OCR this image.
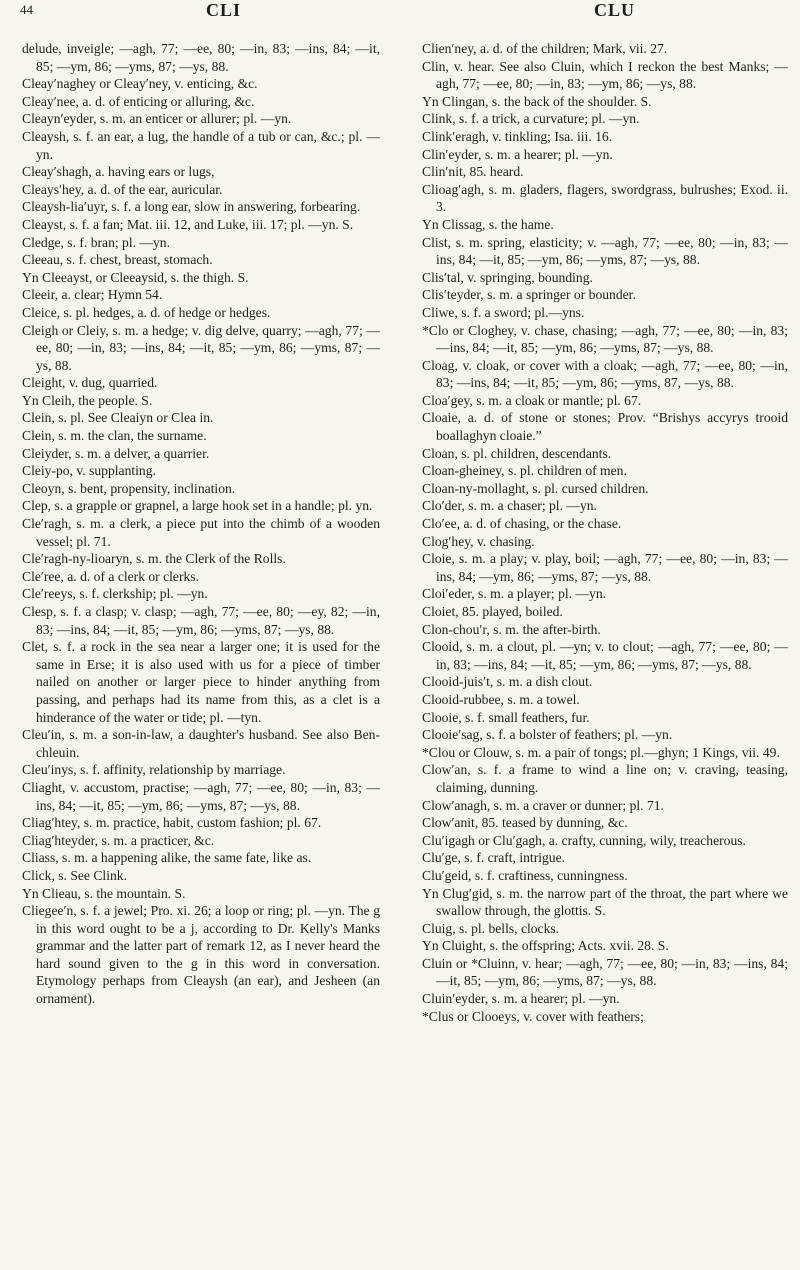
44	CLI	CLU

delude, inveigle; —agh, 77; —ee, 80; —in, 83; —ins, 84; —it, 85; —ym, 86; —yms, 87; —ys, 88.

Cleay′naghey or Cleay′ney, v. enticing, &c.

Cleay′nee, a. d. of enticing or alluring, &c.

Cleayn′eyder, s. m. an enticer or allurer; pl. —yn.

Cleaysh, s. f. an ear, a lug, the handle of a tub or can, &c.; pl. —yn.

Cleay′shagh, a. having ears or lugs,

Cleays′hey, a. d. of the ear, auricular.

Cleaysh-lia′uyr, s. f. a long ear, slow in answering, forbearing.

Cleayst, s. f. a fan; Mat. iii. 12, and Luke, iii. 17; pl. —yn. S.

Cledge, s. f. bran; pl. —yn.

Cleeau, s. f. chest, breast, stomach.

Yn Cleeayst, or Cleeaysid, s. the thigh. S.

Cleeir, a. clear; Hymn 54.

Cleice, s. pl. hedges, a. d. of hedge or hedges.

Cleigh or Cleiy, s. m. a hedge; v. dig delve, quarry; —agh, 77; —ee, 80; —in, 83; —ins, 84; —it, 85; —ym, 86; —yms, 87; —ys, 88.

Cleight, v. dug, quarried.

Yn Cleih, the people. S.

Clein, s. pl. See Cleaiyn or Clea in.

Clein, s. m. the clan, the surname.

Cleiyder, s. m. a delver, a quarrier.

Cleiy-po, v. supplanting.

Cleoyn, s. bent, propensity, inclination.

Clep, s. a grapple or grapnel, a large hook set in a handle; pl. yn.

Cle′ragh, s. m. a clerk, a piece put into the chimb of a wooden vessel; pl. 71.

Cle′ragh-ny-lioaryn, s. m. the Clerk of the Rolls.

Cle′ree, a. d. of a clerk or clerks.

Cle′reeys, s. f. clerkship; pl. —yn.

Clesp, s. f. a clasp; v. clasp; —agh, 77; —ee, 80; —ey, 82; —in, 83; —ins, 84; —it, 85; —ym, 86; —yms, 87; —ys, 88.

Clet, s. f. a rock in the sea near a larger one; it is used for the same in Erse; it is also used with us for a piece of timber nailed on another or larger piece to hinder anything from passing, and perhaps had its name from this, as a clet is a hinderance of the water or tide; pl. —tyn.

Cleu′in, s. m. a son-in-law, a daughter's husband. See also Ben-chleuin.

Cleu′inys, s. f. affinity, relationship by marriage.

Cliaght, v. accustom, practise; —agh, 77; —ee, 80; —in, 83; —ins, 84; —it, 85; —ym, 86; —yms, 87; —ys, 88.

Cliag′htey, s. m. practice, habit, custom fashion; pl. 67.

Cliag′hteyder, s. m. a practicer, &c.

Cliass, s. m. a happening alike, the same fate, like as.

Click, s. See Clink.

Yn Clieau, s. the mountain. S.

Cliegee′n, s. f. a jewel; Pro. xi. 26; a loop or ring; pl. —yn. The g in this word ought to be a j, according to Dr. Kelly's Manks grammar and the latter part of remark 12, as I never heard the hard sound given to the g in this word in conversation. Etymology perhaps from Cleaysh (an ear), and Jesheen (an ornament).

Clien′ney, a. d. of the children; Mark, vii. 27.

Clin, v. hear. See also Cluin, which I reckon the best Manks; —agh, 77; —ee, 80; —in, 83; —ym, 86; —ys, 88.

Yn Clingan, s. the back of the shoulder. S.

Clink, s. f. a trick, a curvature; pl. —yn.

Clink′eragh, v. tinkling; Isa. iii. 16.

Clin′eyder, s. m. a hearer; pl. —yn.

Clin′nit, 85. heard.

Clioag′agh, s. m. gladers, flagers, swordgrass, bulrushes; Exod. ii. 3.

Yn Clissag, s. the hame.

Clist, s. m. spring, elasticity; v. —agh, 77; —ee, 80; —in, 83; —ins, 84; —it, 85; —ym, 86; —yms, 87; —ys, 88.

Clis′tal, v. springing, bounding.

Clis′teyder, s. m. a springer or bounder.

Cliwe, s. f. a sword; pl.—yns.

*Clo or Cloghey, v. chase, chasing; —agh, 77; —ee, 80; —in, 83; —ins, 84; —it, 85; —ym, 86; —yms, 87; —ys, 88.

Cloag, v. cloak, or cover with a cloak; —agh, 77; —ee, 80; —in, 83; —ins, 84; —it, 85; —ym, 86; —yms, 87, —ys, 88.

Cloa′gey, s. m. a cloak or mantle; pl. 67.

Cloaie, a. d. of stone or stones; Prov. “Brishys accyrys trooid boallaghyn cloaie.”

Cloan, s. pl. children, descendants.

Cloan-gheiney, s. pl. children of men.

Cloan-ny-mollaght, s. pl. cursed children.

Clo′der, s. m. a chaser; pl. —yn.

Clo′ee, a. d. of chasing, or the chase.

Clog′hey, v. chasing.

Cloie, s. m. a play; v. play, boil; —agh, 77; —ee, 80; —in, 83; —ins, 84; —ym, 86; —yms, 87; —ys, 88.

Cloi′eder, s. m. a player; pl. —yn.

Cloiet, 85. played, boiled.

Clon-chou′r, s. m. the after-birth.

Clooid, s. m. a clout, pl. —yn; v. to clout; —agh, 77; —ee, 80; —in, 83; —ins, 84; —it, 85; —ym, 86; —yms, 87; —ys, 88.

Clooid-juis′t, s. m. a dish clout.

Clooid-rubbee, s. m. a towel.

Clooie, s. f. small feathers, fur.

Clooie′sag, s. f. a bolster of feathers; pl. —yn.

*Clou or Clouw, s. m. a pair of tongs; pl.—ghyn; 1 Kings, vii. 49.

Clow′an, s. f. a frame to wind a line on; v. craving, teasing, claiming, dunning.

Clow′anagh, s. m. a craver or dunner; pl. 71.

Clow′anit, 85. teased by dunning, &c.

Clu′igagh or Clu′gagh, a. crafty, cunning, wily, treacherous.

Clu′ge, s. f. craft, intrigue.

Clu′geid, s. f. craftiness, cunningness.

Yn Clug′gid, s. m. the narrow part of the throat, the part where we swallow through, the glottis. S.

Cluig, s. pl. bells, clocks.

Yn Cluight, s. the offspring; Acts. xvii. 28. S.

Cluin or *Cluinn, v. hear; —agh, 77; —ee, 80; —in, 83; —ins, 84; —it, 85; —ym, 86; —yms, 87; —ys, 88.

Cluin′eyder, s. m. a hearer; pl. —yn.

*Clus or Clooeys, v. cover with feathers;
